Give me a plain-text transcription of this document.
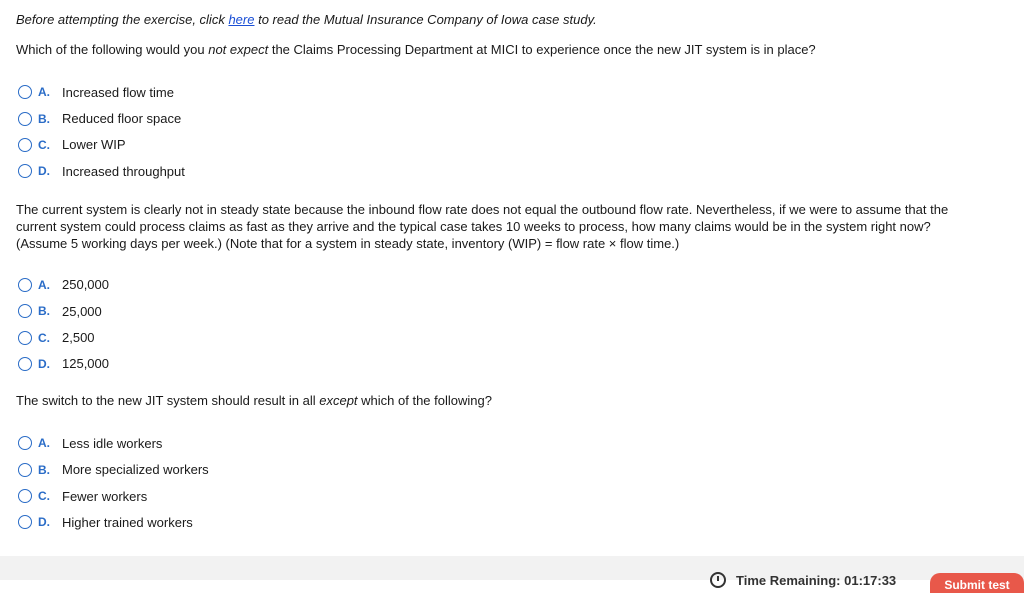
Before attempting the exercise, click here to read the Mutual Insurance Company of Iowa case study.

Which of the following would you not expect the Claims Processing Department at MICI to experience once the new JIT system is in place?

A. Increased flow time
B. Reduced floor space
C. Lower WIP
D. Increased throughput
The current system is clearly not in steady state because the inbound flow rate does not equal the outbound flow rate. Nevertheless, if we were to assume that the
current system could process claims as fast as they arrive and the typical case takes 10 weeks to process, how many claims would be in the system right now?
(Assume 5 working days per week.) (Note that for a system in steady state, inventory (WIP) = flow rate × flow time.)
A. 250,000
B. 25,000
C. 2,500
D. 125,000

The switch to the new JIT system should result in all except which of the following?

A. Less idle workers
B. More specialized workers
C. Fewer workers
D. Higher trained workers
Time Remaining: 01:17:33	Submit test
